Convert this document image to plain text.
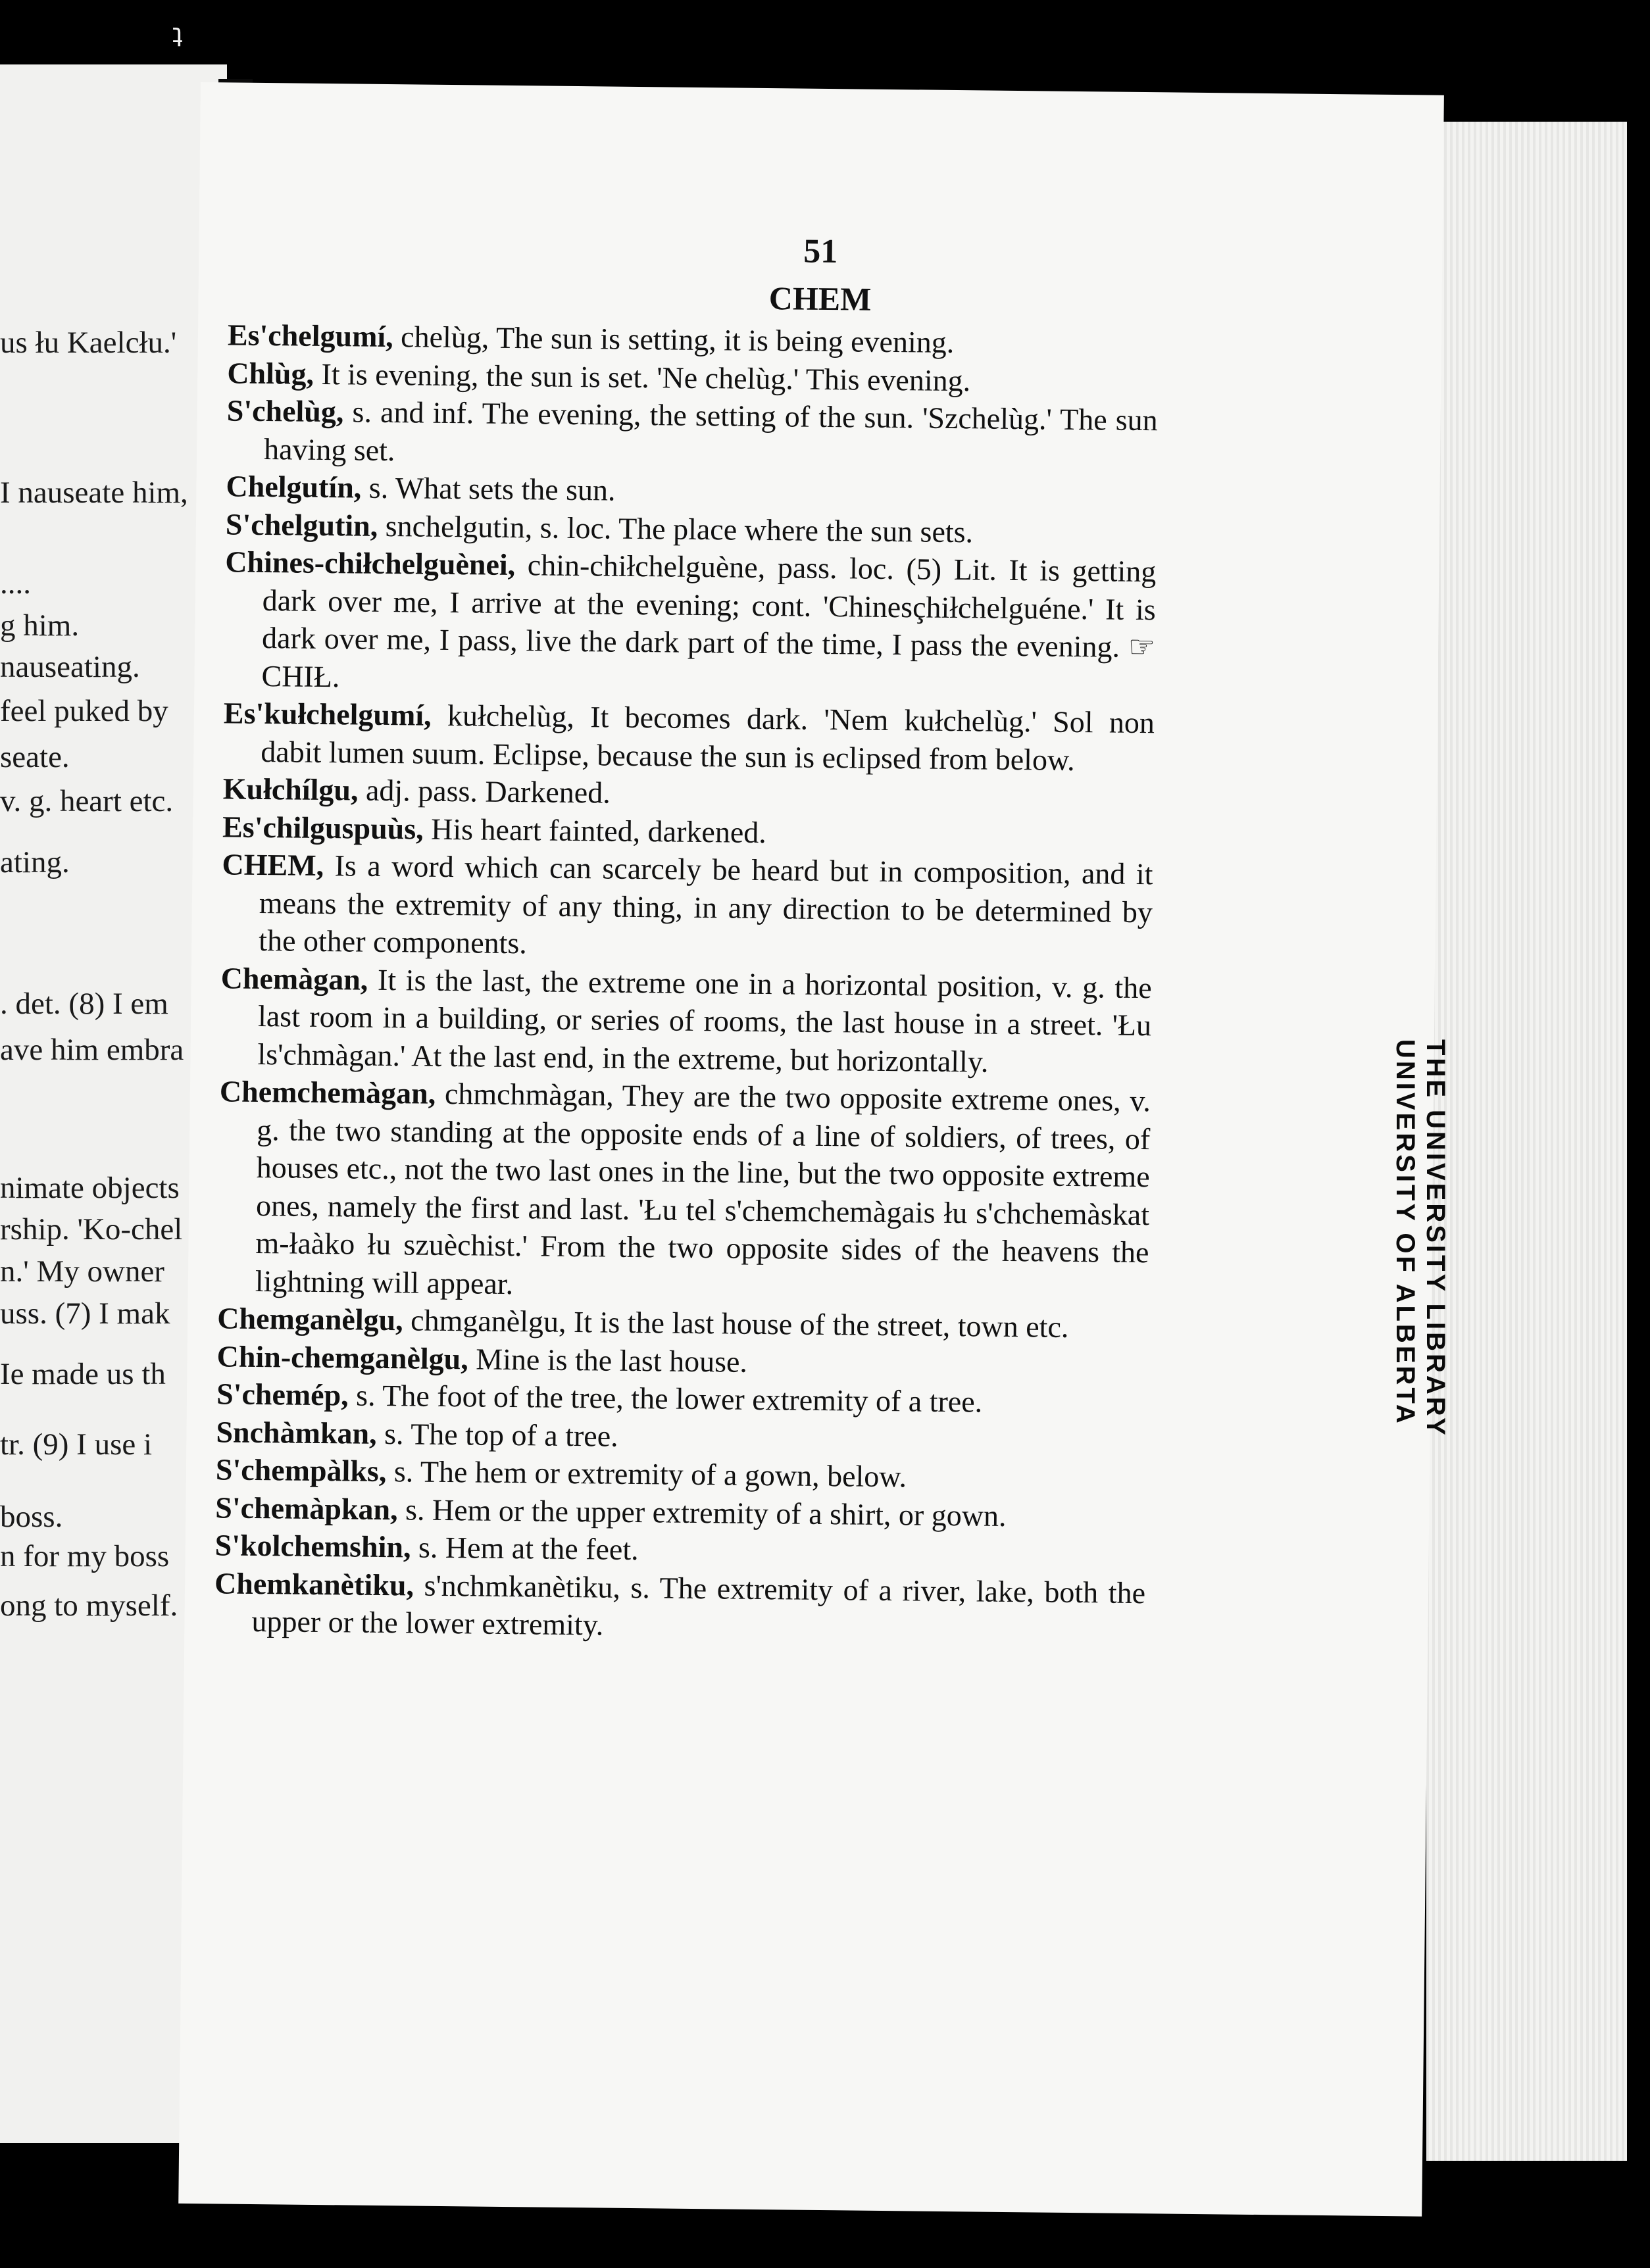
us łu Kaelcłu.'
I nauseate him,
....
g him.
nauseating.
feel puked by
seate.
v. g. heart etc.
ating.
. det. (8) I em
ave him embra
nimate objects
rship. 'Ko-chel
n.' My owner
uss. (7) I mak
Ie made us th
tr. (9) I use i
boss.
n for my boss
ong to myself.
51
CHEM

Es'chelgumí, chelùg, The sun is setting, it is being evening.

Chlùg, It is evening, the sun is set. 'Ne chelùg.' This evening.

S'chelùg, s. and inf. The evening, the setting of the sun. 'Szchelùg.' The sun having set.

Chelgutín, s. What sets the sun.

S'chelgutin, snchelgutin, s. loc. The place where the sun sets.

Chines-chiłchelguènei, chin-chiłchelguène, pass. loc. (5) Lit. It is getting dark over me, I arrive at the evening; cont. 'Chinesçhiłchelguéne.' It is dark over me, I pass, live the dark part of the time, I pass the evening. ☞ CHIŁ.

Es'kułchelgumí, kułchelùg, It becomes dark. 'Nem kułchelùg.' Sol non dabit lumen suum. Eclipse, because the sun is eclipsed from below.

Kułchílgu, adj. pass. Darkened.

Es'chilguspuùs, His heart fainted, darkened.

CHEM, Is a word which can scarcely be heard but in composition, and it means the extremity of any thing, in any direction to be determined by the other components.

Chemàgan, It is the last, the extreme one in a horizontal position, v. g. the last room in a building, or series of rooms, the last house in a street. 'Łu ls'chmàgan.' At the last end, in the extreme, but horizontally.

Chemchemàgan, chmchmàgan, They are the two opposite extreme ones, v. g. the two standing at the opposite ends of a line of soldiers, of trees, of houses etc., not the two last ones in the line, but the two opposite extreme ones, namely the first and last. 'Łu tel s'chemchemàgais łu s'chchemàskat m-łaàko łu szuèchist.' From the two opposite sides of the heavens the lightning will appear.

Chemganèlgu, chmganèlgu, It is the last house of the street, town etc.

Chin-chemganèlgu, Mine is the last house.

S'chemép, s. The foot of the tree, the lower extremity of a tree.

Snchàmkan, s. The top of a tree.

S'chempàlks, s. The hem or extremity of a gown, below.

S'chemàpkan, s. Hem or the upper extremity of a shirt, or gown.

S'kolchemshin, s. Hem at the feet.

Chemkanètiku, s'nchmkanètiku, s. The extremity of a river, lake, both the upper or the lower extremity.

THE UNIVERSITY LIBRARY
UNIVERSITY OF ALBERTA
ʇ
